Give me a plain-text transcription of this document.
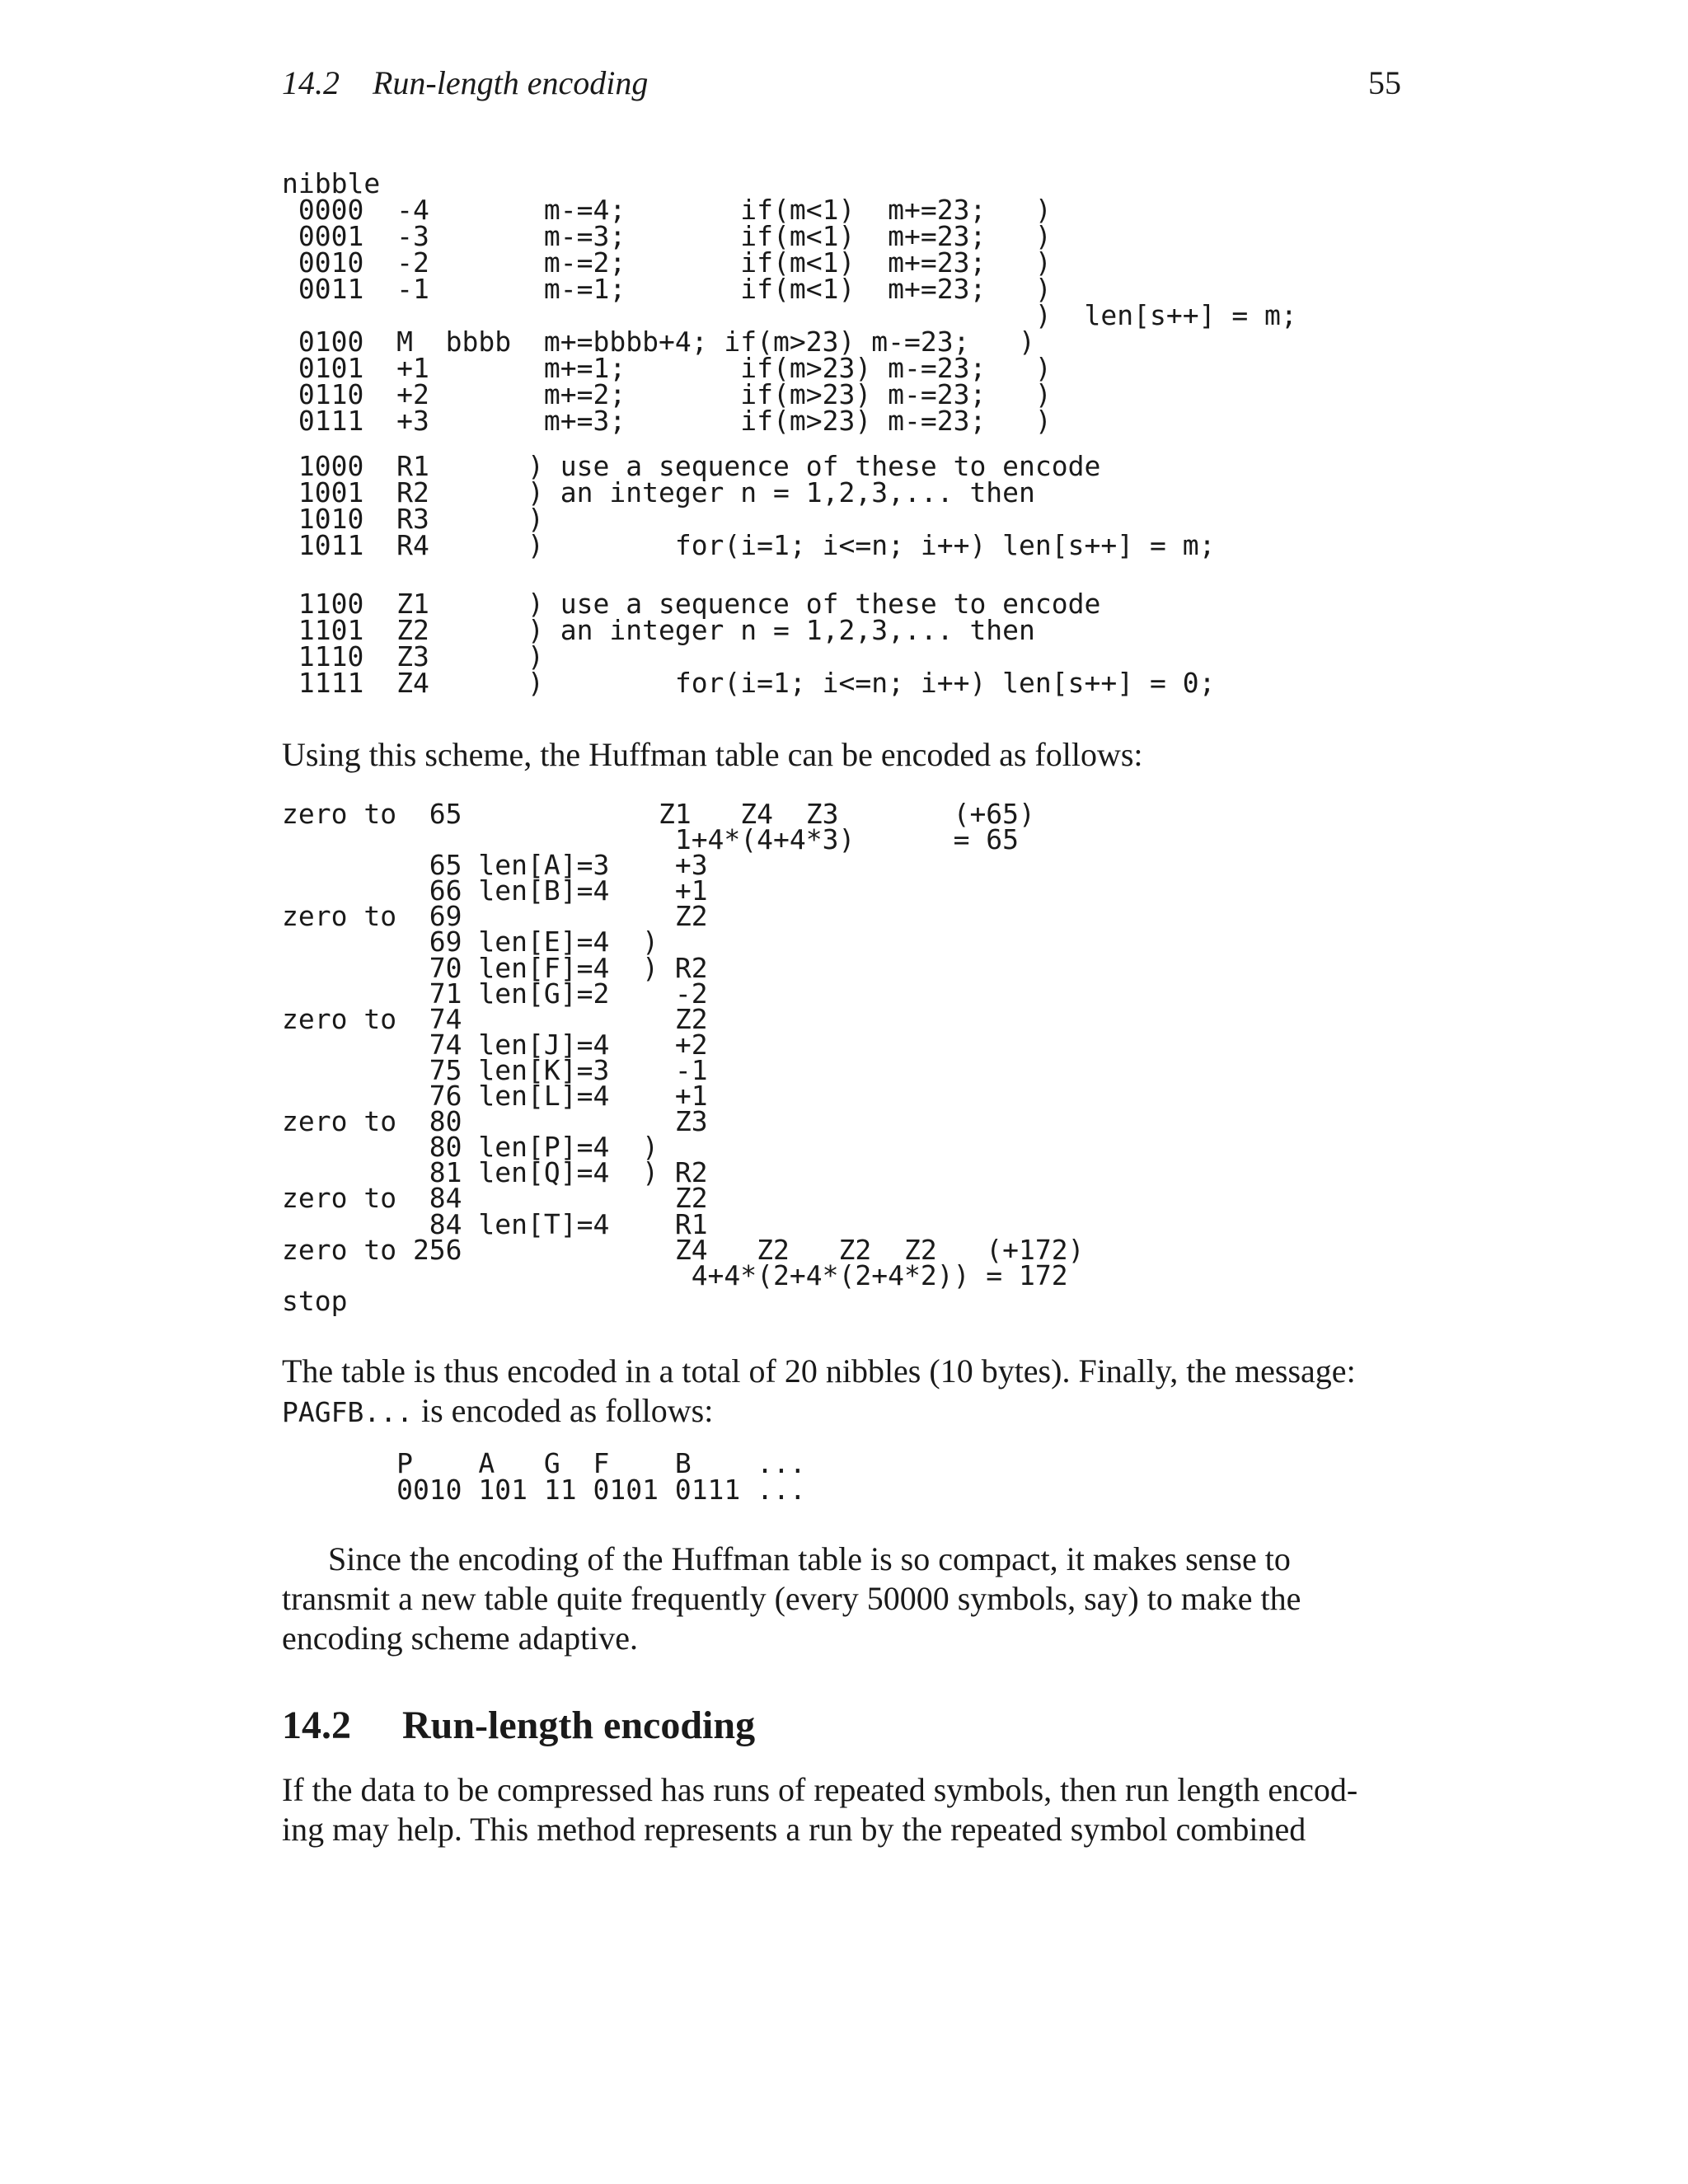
14.2    Run-length encoding	55
nibble
0000  -4       m-=4;       if(m<1)  m+=23;   )
0001  -3       m-=3;       if(m<1)  m+=23;   )
0010  -2       m-=2;       if(m<1)  m+=23;   )
0011  -1       m-=1;       if(m<1)  m+=23;   )
)  len[s++] = m;
0100  M  bbbb  m+=bbbb+4; if(m>23) m-=23;   )
0101  +1       m+=1;       if(m>23) m-=23;   )
0110  +2       m+=2;       if(m>23) m-=23;   )
0111  +3       m+=3;       if(m>23) m-=23;   )
1000  R1      ) use a sequence of these to encode
1001  R2      ) an integer n = 1,2,3,... then
1010  R3      )
1011  R4      )        for(i=1; i<=n; i++) len[s++] = m;
1100  Z1      ) use a sequence of these to encode
1101  Z2      ) an integer n = 1,2,3,... then
1110  Z3      )
1111  Z4      )        for(i=1; i<=n; i++) len[s++] = 0;

Using this scheme, the Huffman table can be encoded as follows:

zero to  65            Z1   Z4  Z3       (+65)
1+4*(4+4*3)      = 65
65 len[A]=3    +3
66 len[B]=4    +1
zero to  69             Z2
69 len[E]=4  )
70 len[F]=4  ) R2
71 len[G]=2    -2
zero to  74             Z2
74 len[J]=4    +2
75 len[K]=3    -1
76 len[L]=4    +1
zero to  80             Z3
80 len[P]=4  )
81 len[Q]=4  ) R2
zero to  84             Z2
84 len[T]=4    R1
zero to 256             Z4   Z2   Z2  Z2   (+172)
4+4*(2+4*(2+4*2)) = 172
stop
The table is thus encoded in a total of 20 nibbles (10 bytes). Finally, the message:
PAGFB... is encoded as follows:
P    A   G  F    B    ...
0010 101 11 0101 0111 ...
Since the encoding of the Huffman table is so compact, it makes sense to
transmit a new table quite frequently (every 50000 symbols, say) to make the
encoding scheme adaptive.
14.2 Run-length encoding
If the data to be compressed has runs of repeated symbols, then run length encod-
ing may help. This method represents a run by the repeated symbol combined
